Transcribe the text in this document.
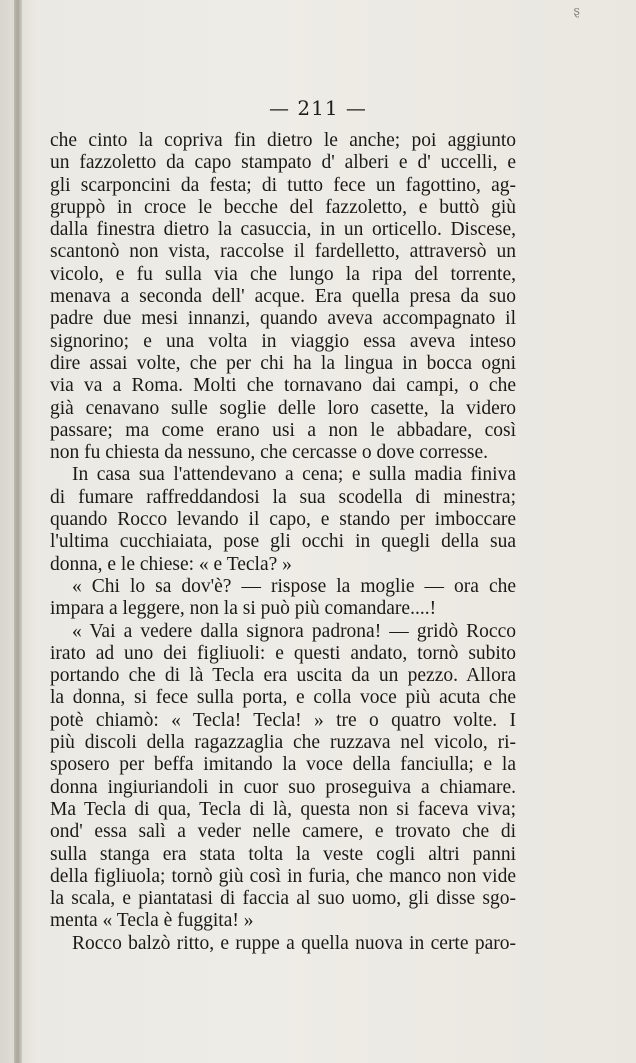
ȿ
— 211 —
che cinto la copriva fin dietro le anche; poi aggiunto
un fazzoletto da capo stampato d' alberi e d' uccelli, e
gli scarponcini da festa; di tutto fece un fagottino, ag-
gruppò in croce le becche del fazzoletto, e buttò giù
dalla finestra dietro la casuccia, in un orticello. Discese,
scantonò non vista, raccolse il fardelletto, attraversò un
vicolo, e fu sulla via che lungo la ripa del torrente,
menava a seconda dell' acque. Era quella presa da suo
padre due mesi innanzi, quando aveva accompagnato il
signorino; e una volta in viaggio essa aveva inteso
dire assai volte, che per chi ha la lingua in bocca ogni
via va a Roma. Molti che tornavano dai campi, o che
già cenavano sulle soglie delle loro casette, la videro
passare; ma come erano usi a non le abbadare, così
non fu chiesta da nessuno, che cercasse o dove corresse.
In casa sua l'attendevano a cena; e sulla madia finiva
di fumare raffreddandosi la sua scodella di minestra;
quando Rocco levando il capo, e stando per imboccare
l'ultima cucchiaiata, pose gli occhi in quegli della sua
donna, e le chiese: « e Tecla? »
« Chi lo sa dov'è? — rispose la moglie — ora che
impara a leggere, non la si può più comandare....!
« Vai a vedere dalla signora padrona! — gridò Rocco
irato ad uno dei figliuoli: e questi andato, tornò subito
portando che di là Tecla era uscita da un pezzo. Allora
la donna, si fece sulla porta, e colla voce più acuta che
potè chiamò: « Tecla! Tecla! » tre o quatro volte. I
più discoli della ragazzaglia che ruzzava nel vicolo, ri-
sposero per beffa imitando la voce della fanciulla; e la
donna ingiuriandoli in cuor suo proseguiva a chiamare.
Ma Tecla di qua, Tecla di là, questa non si faceva viva;
ond' essa salì a veder nelle camere, e trovato che di
sulla stanga era stata tolta la veste cogli altri panni
della figliuola; tornò giù così in furia, che manco non vide
la scala, e piantatasi di faccia al suo uomo, gli disse sgo-
menta « Tecla è fuggita! »
Rocco balzò ritto, e ruppe a quella nuova in certe paro-
